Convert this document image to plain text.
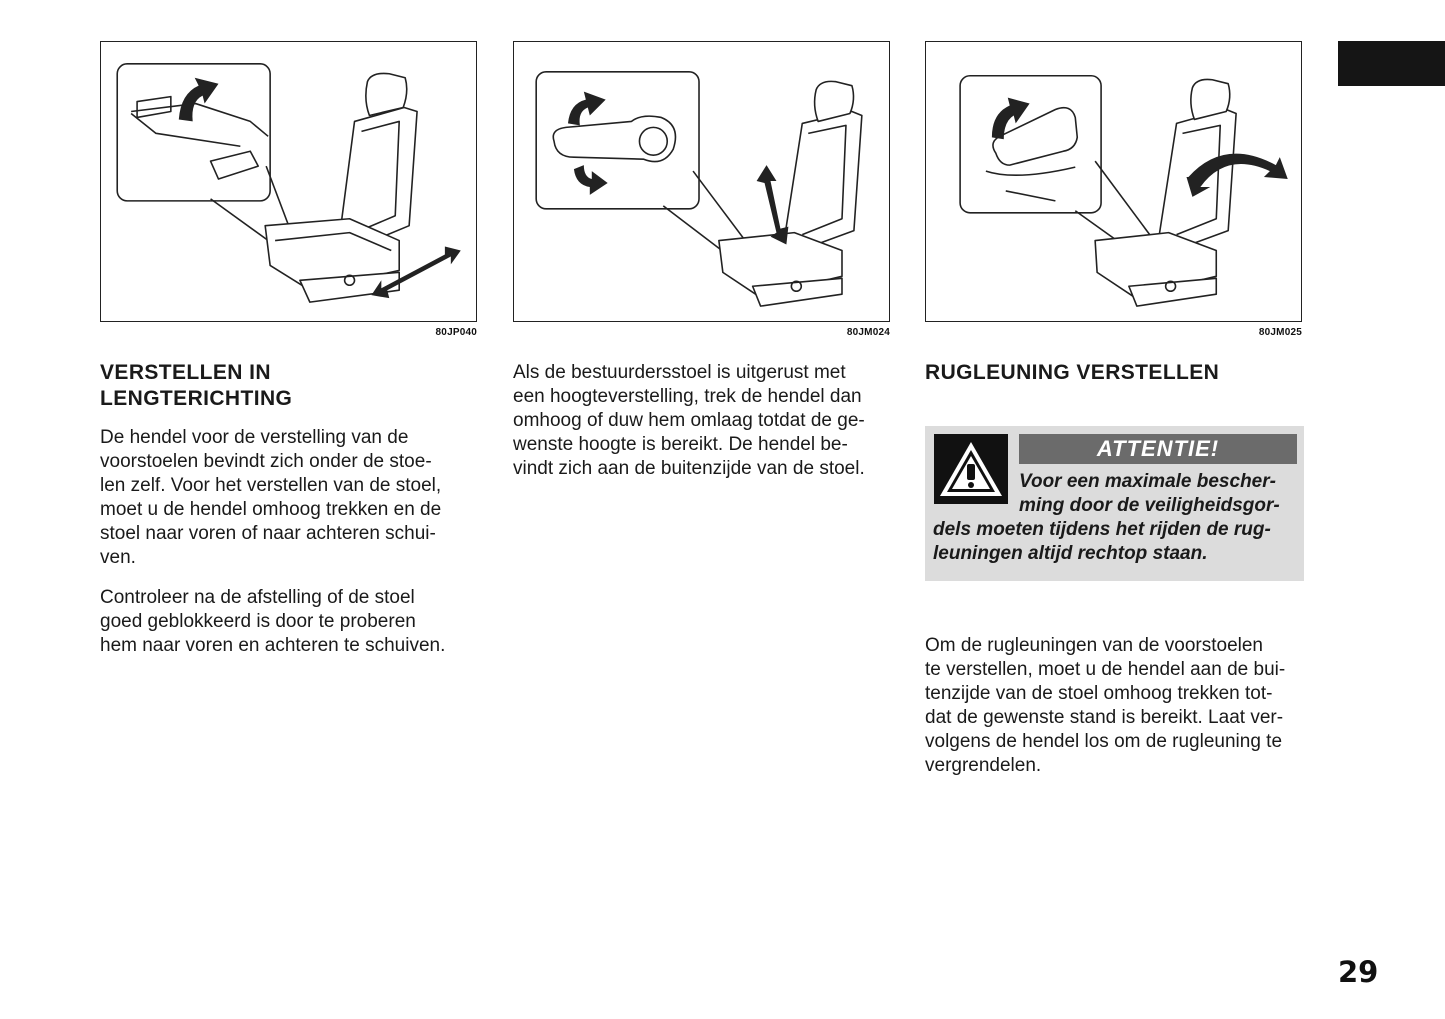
80JP040	80JM024	80JM025
VERSTELLEN IN
LENGTERICHTING

De hendel voor de verstelling van de
voorstoelen bevindt zich onder de stoe-
len zelf. Voor het verstellen van de stoel,
moet u de hendel omhoog trekken en de
stoel naar voren of naar achteren schui-
ven.

Controleer na de afstelling of de stoel
goed geblokkeerd is door te proberen
hem naar voren en achteren te schuiven.

Als de bestuurdersstoel is uitgerust met
een hoogteverstelling, trek de hendel dan
omhoog of duw hem omlaag totdat de ge-
wenste hoogte is bereikt. De hendel be-
vindt zich aan de buitenzijde van de stoel.

RUGLEUNING VERSTELLEN
ATTENTIE!

Voor een maximale bescher-
ming door de veiligheidsgor-
dels moeten tijdens het rijden de rug-
leuningen altijd rechtop staan.

Om de rugleuningen van de voorstoelen
te verstellen, moet u de hendel aan de bui-
tenzijde van de stoel omhoog trekken tot-
dat de gewenste stand is bereikt. Laat ver-
volgens de hendel los om de rugleuning te
vergrendelen.

29
